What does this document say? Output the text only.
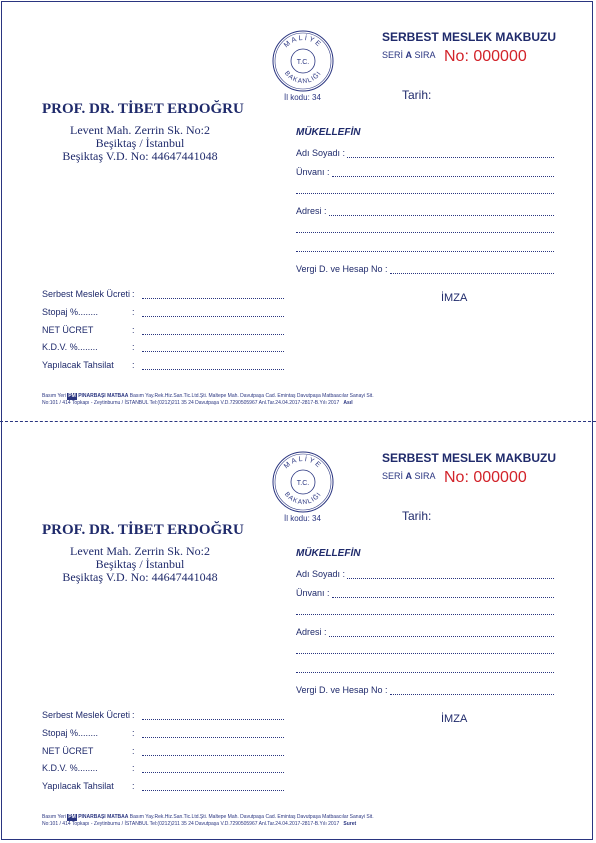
MALİYE
BAKANLIĞI
T.C.
İl kodu: 34
SERBEST MESLEK MAKBUZU
SERİ A SIRA No: 000000
Tarih:
PROF. DR. TİBET ERDOĞRU
Levent Mah. Zerrin Sk. No:2
Beşiktaş / İstanbul
Beşiktaş V.D. No: 44647441048
MÜKELLEFİN
Adı Soyadı :
Ünvanı :
Adresi :
Vergi D. ve Hesap No :
İMZA
Serbest Meslek Ücreti :
Stopaj %........	:
NET ÜCRET	:
K.D.V. %........	:
Yapılacak Tahsilat	:
Basım Yeri PM PINARBAŞI MATBAA Basım Yay.Rek.Hiz.San.Tic.Ltd.Şti. Maltepe Mah. Davutpaşa Cad. Emintaş Davutpaşa Matbaacılar Sanayi Sit.
No:101 / 414 Topkapı - Zeytinburnu / İSTANBUL Tel:(0212)211 35 24 Davutpaşa V.D.7290505967 Anl.Tar.24.04.2017-2817-B.Yılı 2017 Asıl
MALİYE
BAKANLIĞI
T.C.
İl kodu: 34
SERBEST MESLEK MAKBUZU
SERİ A SIRA No: 000000
Tarih:
PROF. DR. TİBET ERDOĞRU
Levent Mah. Zerrin Sk. No:2
Beşiktaş / İstanbul
Beşiktaş V.D. No: 44647441048
MÜKELLEFİN
Adı Soyadı :
Ünvanı :
Adresi :
Vergi D. ve Hesap No :
İMZA
Serbest Meslek Ücreti :
Stopaj %........	:
NET ÜCRET	:
K.D.V. %........	:
Yapılacak Tahsilat	:
Basım Yeri PM PINARBAŞI MATBAA Basım Yay.Rek.Hiz.San.Tic.Ltd.Şti. Maltepe Mah. Davutpaşa Cad. Emintaş Davutpaşa Matbaacılar Sanayi Sit.
No:101 / 414 Topkapı - Zeytinburnu / İSTANBUL Tel:(0212)211 35 24 Davutpaşa V.D.7290505967 Anl.Tar.24.04.2017-2817-B.Yılı 2017 Suret
